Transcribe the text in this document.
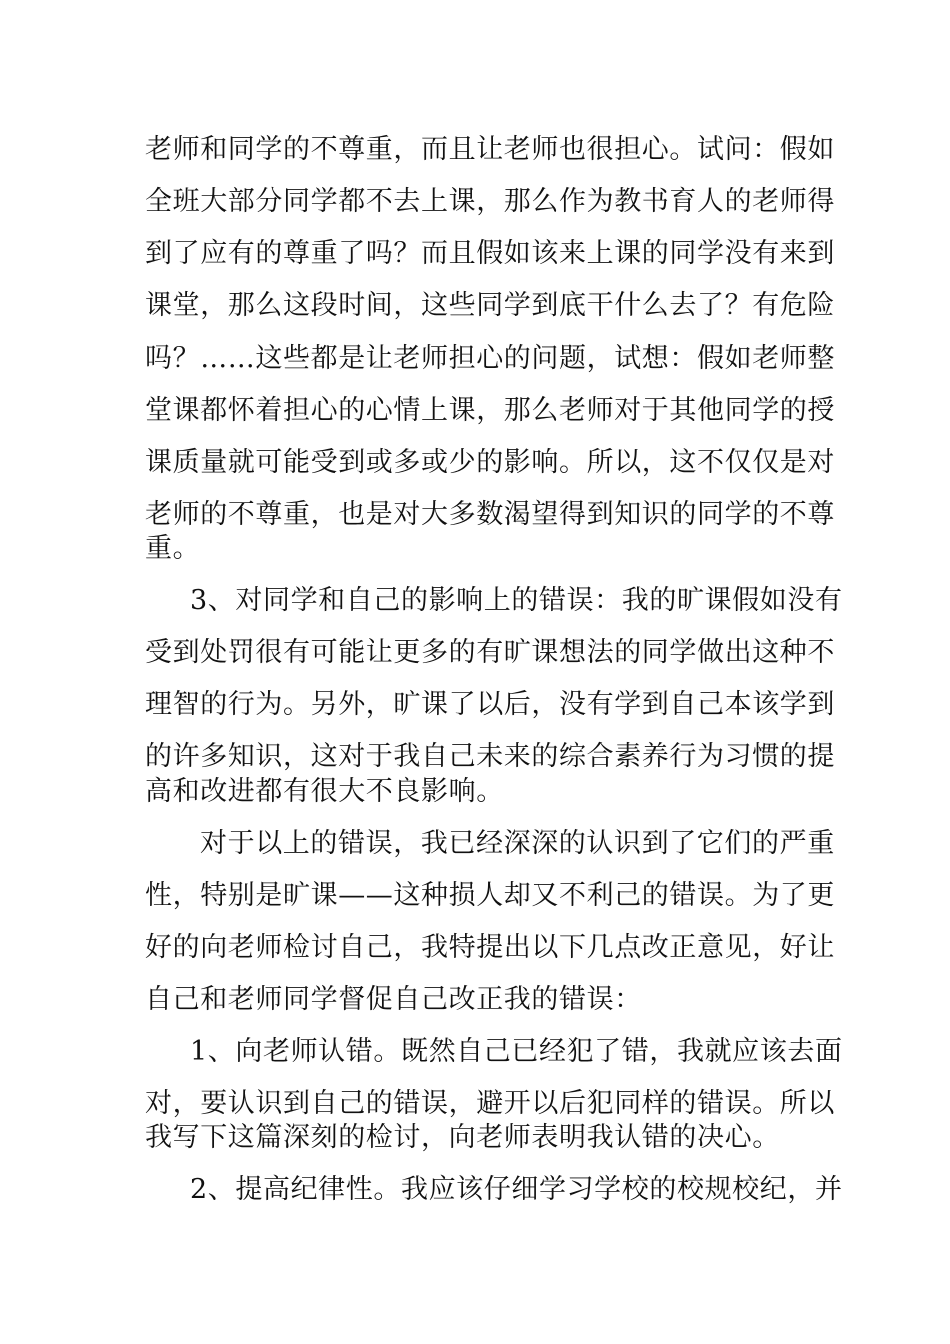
老师和同学的不尊重，而且让老师也很担心。试问：假如
全班大部分同学都不去上课，那么作为教书育人的老师得
到了应有的尊重了吗？而且假如该来上课的同学没有来到
课堂，那么这段时间，这些同学到底干什么去了？有危险
吗？……这些都是让老师担心的问题，试想：假如老师整
堂课都怀着担心的心情上课，那么老师对于其他同学的授
课质量就可能受到或多或少的影响。所以，这不仅仅是对
老师的不尊重，也是对大多数渴望得到知识的同学的不尊
重。
3、对同学和自己的影响上的错误：我的旷课假如没有
受到处罚很有可能让更多的有旷课想法的同学做出这种不
理智的行为。另外，旷课了以后，没有学到自己本该学到
的许多知识，这对于我自己未来的综合素养行为习惯的提
高和改进都有很大不良影响。
对于以上的错误，我已经深深的认识到了它们的严重
性，特别是旷课——这种损人却又不利己的错误。为了更
好的向老师检讨自己，我特提出以下几点改正意见，好让
自己和老师同学督促自己改正我的错误：
1、向老师认错。既然自己已经犯了错，我就应该去面
对，要认识到自己的错误，避开以后犯同样的错误。所以
我写下这篇深刻的检讨，向老师表明我认错的决心。
2、提高纪律性。我应该仔细学习学校的校规校纪，并
